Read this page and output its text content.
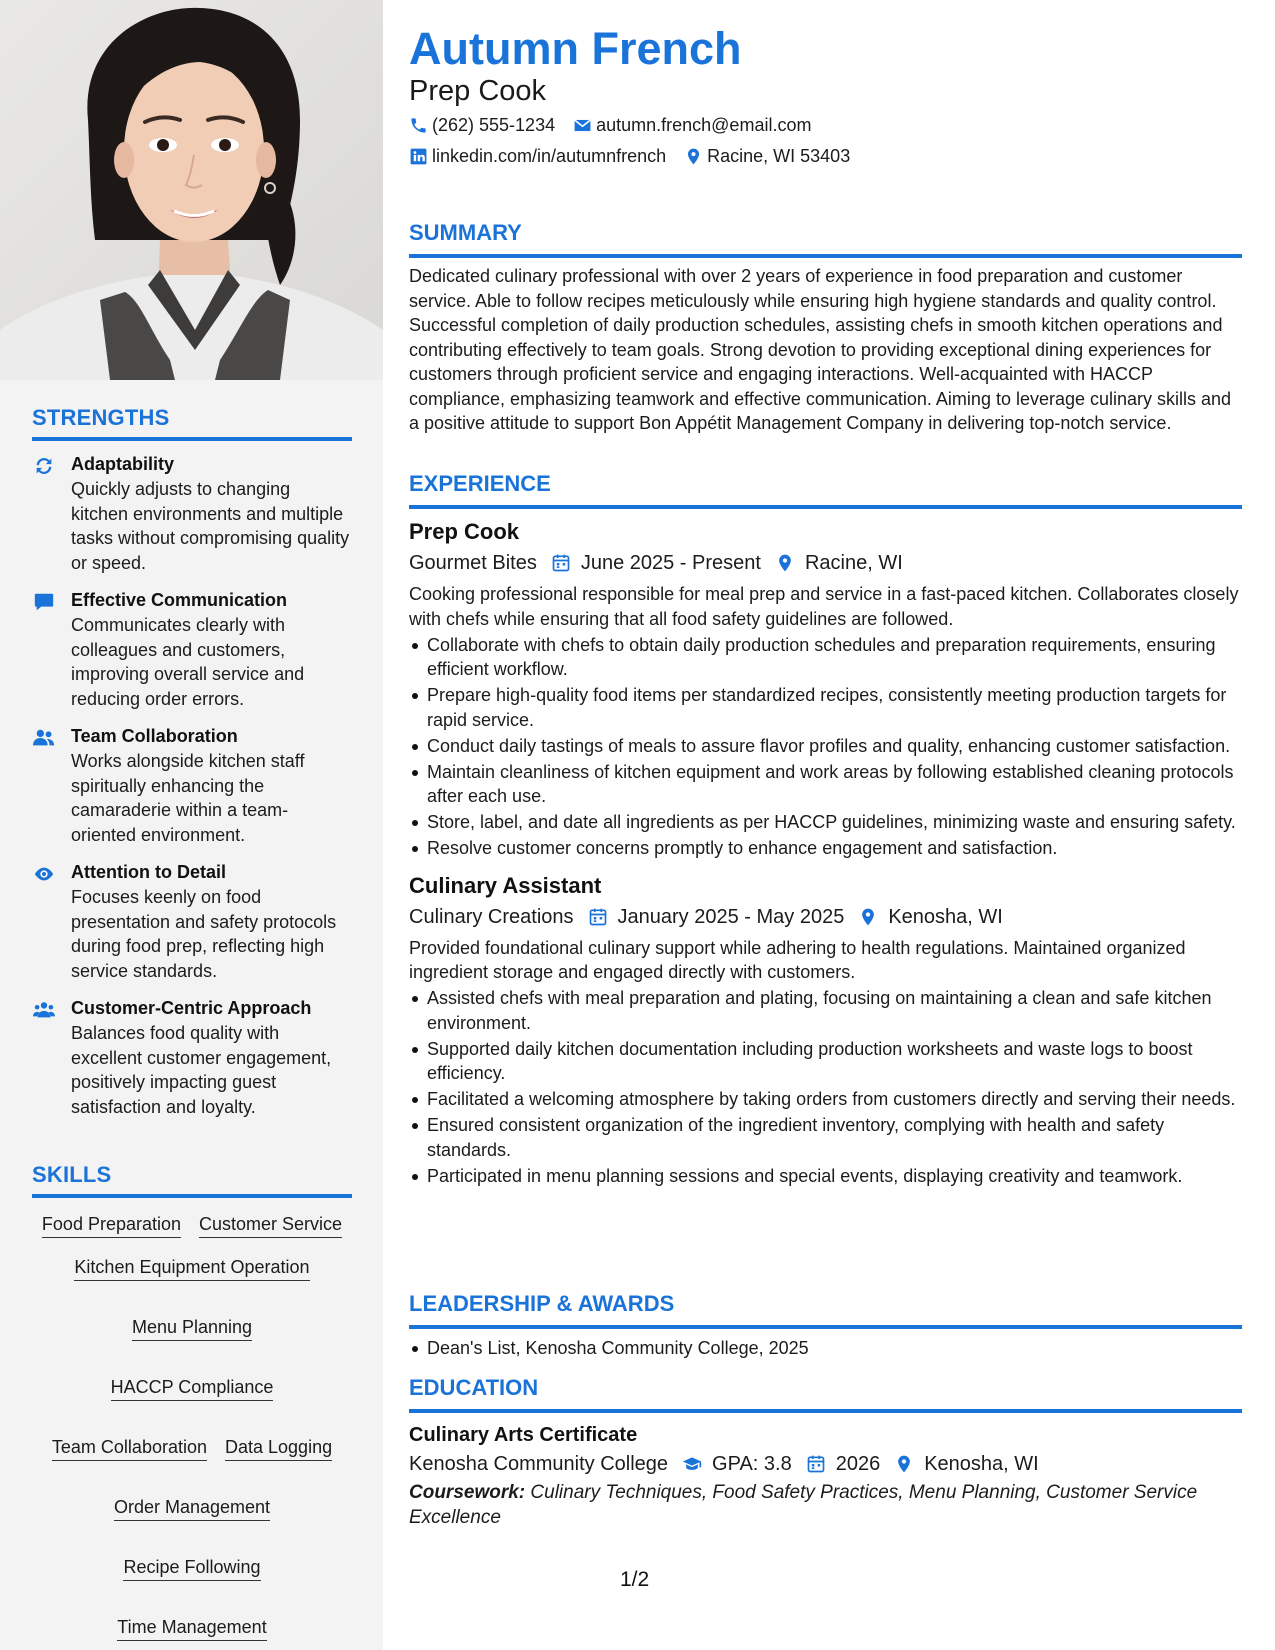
STRENGTHS
Adaptability
Quickly adjusts to changing kitchen environments and multiple tasks without compromising quality or speed.
Effective Communication
Communicates clearly with colleagues and customers, improving overall service and reducing order errors.
Team Collaboration
Works alongside kitchen staff spiritually enhancing the camaraderie within a team-oriented environment.
Attention to Detail
Focuses keenly on food presentation and safety protocols during food prep, reflecting high service standards.
Customer-Centric Approach
Balances food quality with excellent customer engagement, positively impacting guest satisfaction and loyalty.
SKILLS
Food Preparation Customer Service
Kitchen Equipment Operation
Menu Planning
HACCP Compliance
Team Collaboration Data Logging
Order Management
Recipe Following
Time Management
Autumn French
Prep Cook
(262) 555-1234 autumn.french@email.com
linkedin.com/in/autumnfrench Racine, WI 53403
SUMMARY
Dedicated culinary professional with over 2 years of experience in food preparation and customer service. Able to follow recipes meticulously while ensuring high hygiene standards and quality control. Successful completion of daily production schedules, assisting chefs in smooth kitchen operations and contributing effectively to team goals. Strong devotion to providing exceptional dining experiences for customers through proficient service and engaging interactions. Well-acquainted with HACCP compliance, emphasizing teamwork and effective communication. Aiming to leverage culinary skills and a positive attitude to support Bon Appétit Management Company in delivering top-notch service.
EXPERIENCE
Prep Cook
Gourmet Bites June 2025 - Present Racine, WI
Cooking professional responsible for meal prep and service in a fast-paced kitchen. Collaborates closely with chefs while ensuring that all food safety guidelines are followed.
Collaborate with chefs to obtain daily production schedules and preparation requirements, ensuring efficient workflow.
Prepare high-quality food items per standardized recipes, consistently meeting production targets for rapid service.
Conduct daily tastings of meals to assure flavor profiles and quality, enhancing customer satisfaction.
Maintain cleanliness of kitchen equipment and work areas by following established cleaning protocols after each use.
Store, label, and date all ingredients as per HACCP guidelines, minimizing waste and ensuring safety.
Resolve customer concerns promptly to enhance engagement and satisfaction.
Culinary Assistant
Culinary Creations January 2025 - May 2025 Kenosha, WI
Provided foundational culinary support while adhering to health regulations. Maintained organized ingredient storage and engaged directly with customers.
Assisted chefs with meal preparation and plating, focusing on maintaining a clean and safe kitchen environment.
Supported daily kitchen documentation including production worksheets and waste logs to boost efficiency.
Facilitated a welcoming atmosphere by taking orders from customers directly and serving their needs.
Ensured consistent organization of the ingredient inventory, complying with health and safety standards.
Participated in menu planning sessions and special events, displaying creativity and teamwork.
LEADERSHIP & AWARDS
Dean's List, Kenosha Community College, 2025
EDUCATION
Culinary Arts Certificate
Kenosha Community College GPA: 3.8 2026 Kenosha, WI
Coursework: Culinary Techniques, Food Safety Practices, Menu Planning, Customer Service Excellence
1/2
